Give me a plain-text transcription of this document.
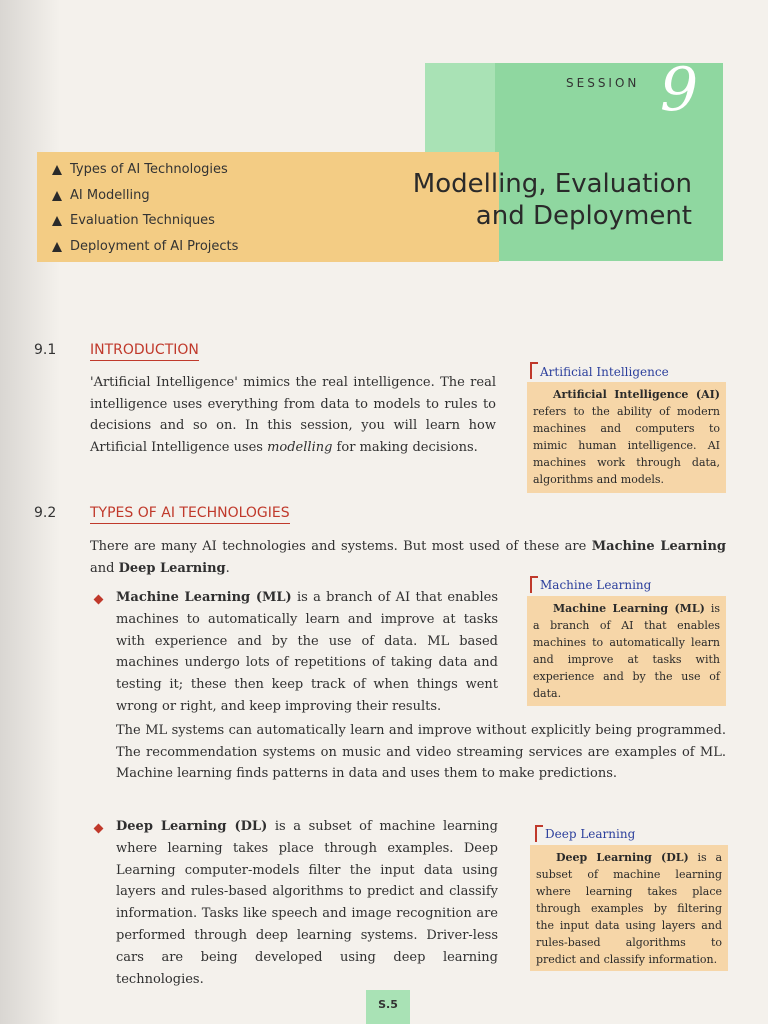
SESSION 9
Modelling, Evaluation
and Deployment
Types of AI Technologies
AI Modelling
Evaluation Techniques
Deployment of AI Projects
9.1 INTRODUCTION

'Artificial Intelligence' mimics the real intelligence. The real intelligence uses everything from data to models to rules to decisions and so on. In this session, you will learn how Artificial Intelligence uses modelling for making decisions.

Artificial Intelligence

Artificial Intelligence (AI) refers to the ability of modern machines and computers to mimic human intelligence. AI machines work through data, algorithms and models.

9.2 TYPES OF AI TECHNOLOGIES

There are many AI technologies and systems. But most used of these are Machine Learning and Deep Learning.

Machine Learning (ML) is a branch of AI that enables machines to automatically learn and improve at tasks with experience and by the use of data. ML based machines undergo lots of repetitions of taking data and testing it; these then keep track of when things went wrong or right, and keep improving their results.

Machine Learning

Machine Learning (ML) is a branch of AI that enables machines to automatically learn and improve at tasks with experience and by the use of data.

The ML systems can automatically learn and improve without explicitly being programmed. The recommendation systems on music and video streaming services are examples of ML. Machine learning finds patterns in data and uses them to make predictions.

Deep Learning (DL) is a subset of machine learning where learning takes place through examples. Deep Learning computer-models filter the input data using layers and rules-based algorithms to predict and classify information. Tasks like speech and image recognition are performed through deep learning systems. Driver-less cars are being developed using deep learning technologies.

Deep Learning

Deep Learning (DL) is a subset of machine learning where learning takes place through examples by filtering the input data using layers and rules-based algorithms to predict and classify information.

S.5
